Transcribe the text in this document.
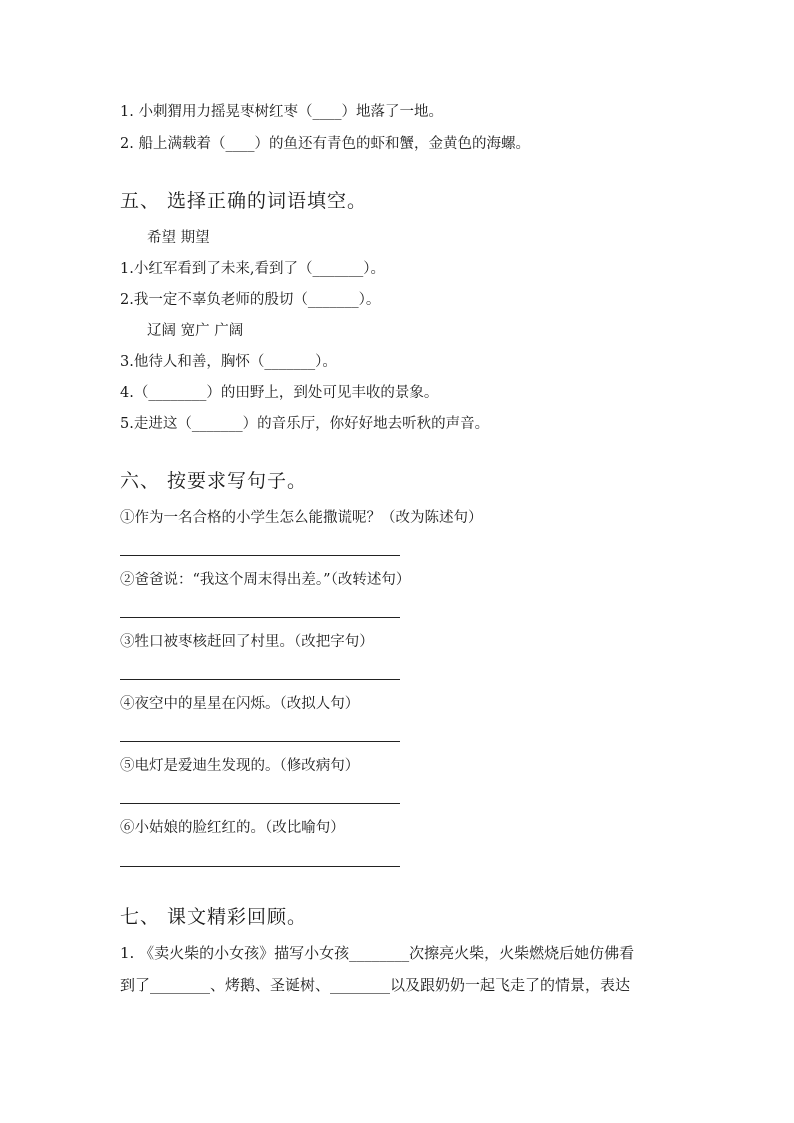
1. 小刺猬用力摇晃枣树红枣（____）地落了一地。
2. 船上满载着（____）的鱼还有青色的虾和蟹，金黄色的海螺。
五、 选择正确的词语填空。
希望 期望
1.小红军看到了未来,看到了（_______）。
2.我一定不辜负老师的殷切（_______）。
辽阔 宽广 广阔
3.他待人和善，胸怀（_______）。
4.（________）的田野上，到处可见丰收的景象。
5.走进这（_______）的音乐厅，你好好地去听秋的声音。
六、 按要求写句子。
①作为一名合格的小学生怎么能撒谎呢？（改为陈述句）
②爸爸说：“我这个周末得出差。”（改转述句）
③牲口被枣核赶回了村里。（改把字句）
④夜空中的星星在闪烁。（改拟人句）
⑤电灯是爱迪生发现的。（修改病句）
⑥小姑娘的脸红红的。（改比喻句）
七、 课文精彩回顾。
1. 《卖火柴的小女孩》描写小女孩________次擦亮火柴，火柴燃烧后她仿佛看
到了________、烤鹅、圣诞树、________以及跟奶奶一起飞走了的情景，表达
